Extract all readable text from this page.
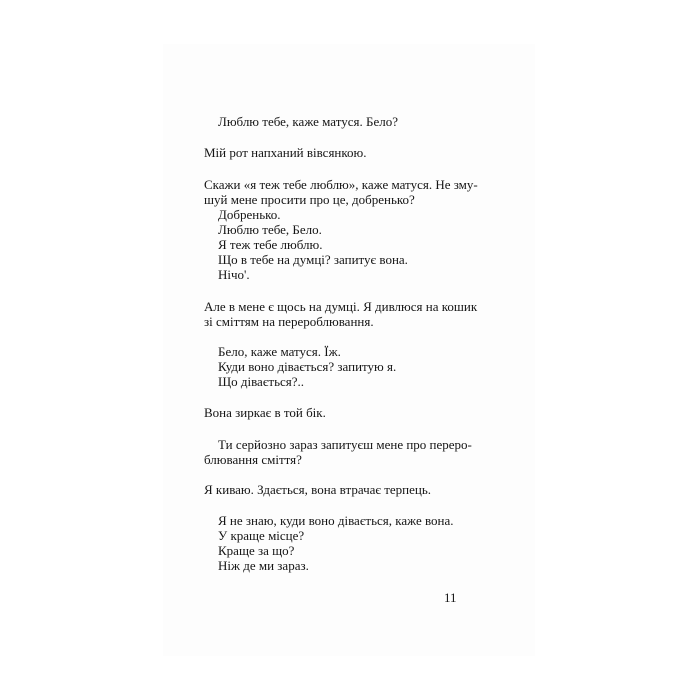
Люблю тебе, каже матуся. Бело?

Мій рот напханий вівсянкою.

Скажи «я теж тебе люблю», каже матуся. Не зму-

шуй мене просити про це, добренько?

Добренько.

Люблю тебе, Бело.

Я теж тебе люблю.

Що в тебе на думці? запитує вона.

Нічо'.

Але в мене є щось на думці. Я дивлюся на кошик

зі сміттям на перероблювання.

Бело, каже матуся. Їж.

Куди воно дівається? запитую я.

Що дівається?..

Вона зиркає в той бік.

Ти серйозно зараз запитуєш мене про переро-

блювання сміття?

Я киваю. Здається, вона втрачає терпець.

Я не знаю, куди воно дівається, каже вона.

У краще місце?

Краще за що?

Ніж де ми зараз.

11
